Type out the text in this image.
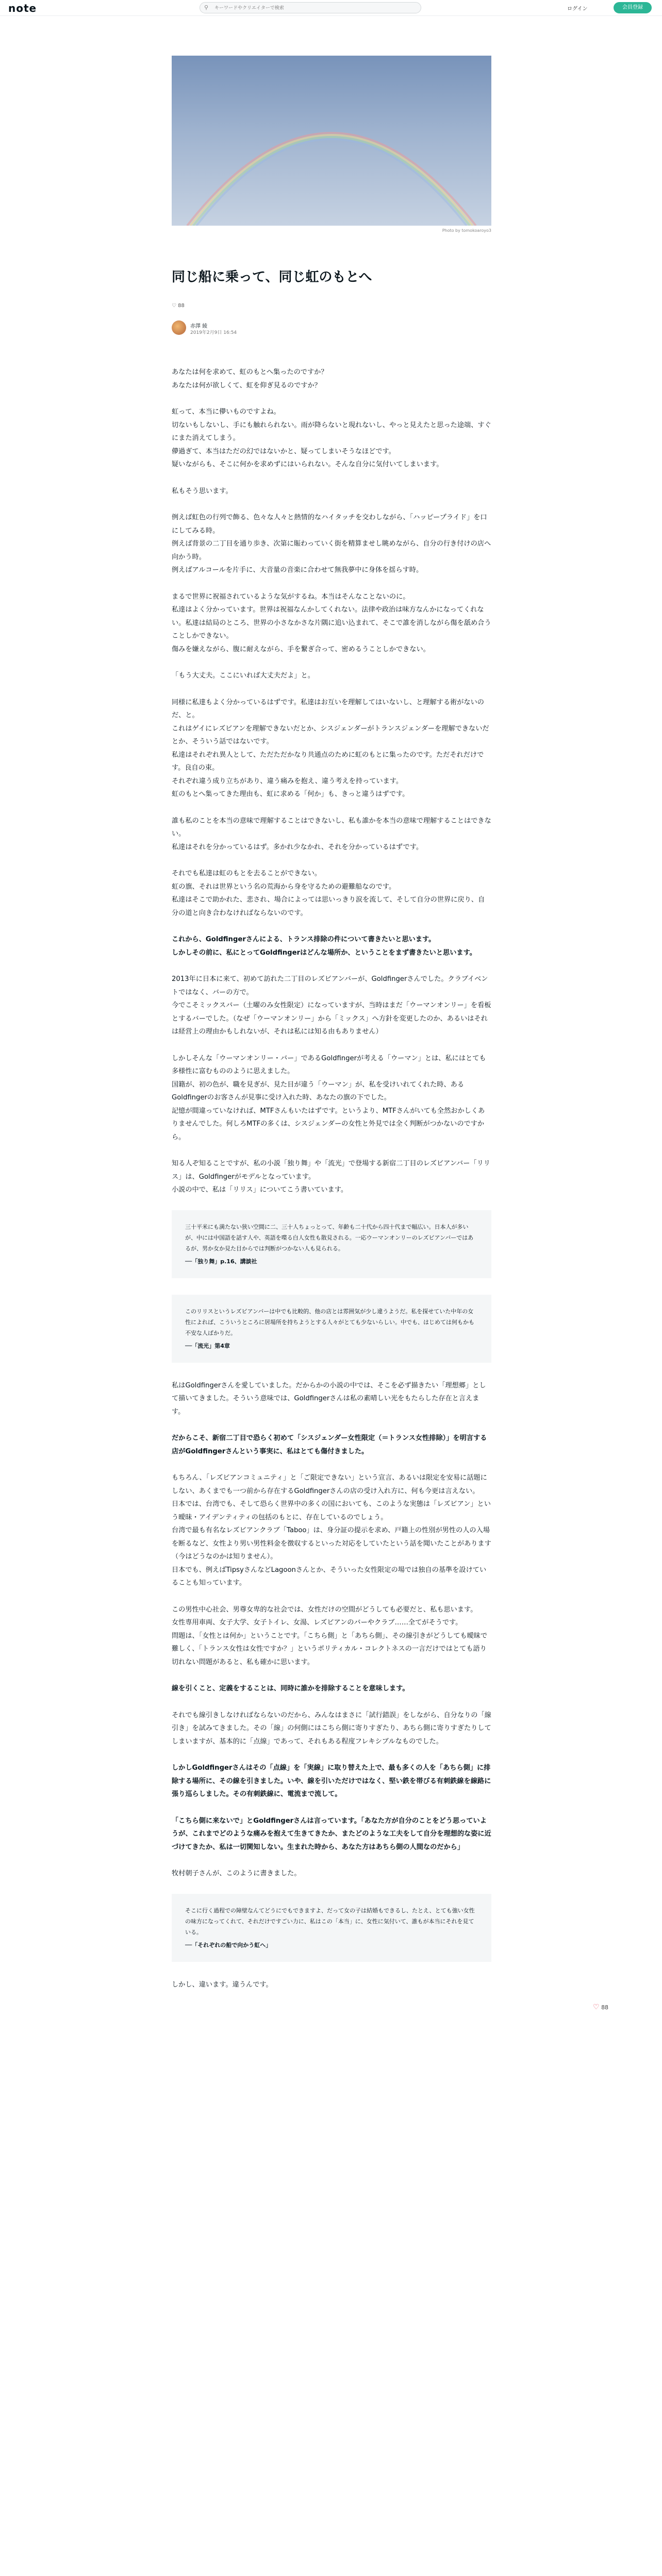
note	⚲
キーワードやクリエイターで検索	ログイン	会員登録
Photo by tomokoaroyo3
同じ船に乗って、同じ虹のもとへ
♡ 88
赤澤 綾
2019年2月9日 16:54

あなたは何を求めて、虹のもとへ集ったのですか？
あなたは何が欲しくて、虹を仰ぎ見るのですか？

虹って、本当に儚いものですよね。
切ないもしないし、手にも触れられない。雨が降らないと現れないし、やっと見えたと思った途端、すぐにまた消えてしまう。
儚過ぎて、本当はただの幻ではないかと、疑ってしまいそうなほどです。
疑いながらも、そこに何かを求めずにはいられない。そんな自分に気付いてしまいます。

私もそう思います。

例えば虹色の行列で飾る、色々な人々と熱情的なハイタッチを交わしながら、「ハッピープライド」を口にしてみる時。
例えば背景の二丁目を通り歩き、次第に賑わっていく街を精算ませし眺めながら、自分の行き付けの店へ向かう時。
例えばアルコールを片手に、大音量の音楽に合わせて無我夢中に身体を揺らす時。

まるで世界に祝福されているような気がするね。本当はそんなことないのに。
私達はよく分かっています。世界は祝福なんかしてくれない。法律や政治は味方なんかになってくれない。私達は結局のところ、世界の小さなかさな片隅に追い込まれて、そこで誰を消しながら傷を舐め合うことしかできない。
傷みを嫌えながら、腹に耐えながら、手を繋ぎ合って、密めるうことしかできない。

「もう大丈夫。ここにいれば大丈夫だよ」と。

同様に私達もよく分かっているはずです。私達はお互いを理解してはいないし、と理解する術がないのだ、と。
これはゲイにレズビアンを理解できないだとか、シスジェンダーがトランスジェンダーを理解できないだとか、そういう話ではないです。
私達はそれぞれ異人として、ただただかなり共通点のために虹のもとに集ったのです。ただそれだけです。良自の束。
それぞれ違う成り立ちがあり、違う痛みを抱え、違う考えを持っています。
虹のもとへ集ってきた理由も、虹に求める「何か」も、きっと違うはずです。

誰も私のことを本当の意味で理解することはできないし、私も誰かを本当の意味で理解することはできない。
私達はそれを分かっているはず。多かれ少なかれ、それを分かっているはずです。

それでも私達は虹のもとを去ることができない。
虹の旗、それは世界という名の荒海から身を守るための避難船なのです。
私達はそこで助かれた、悲され、場合によっては思いっきり涙を流して、そして自分の世界に戻り、自分の道と向き合わなければならないのです。

これから、Goldfingerさんによる、トランス排除の件について書きたいと思います。
しかしその前に、私にとってGoldfingerはどんな場所か、ということをまず書きたいと思います。

2013年に日本に来て、初めて訪れた二丁目のレズビアンバーが、Goldfingerさんでした。クラブイベントではなく、バーの方で。
今でこそミックスバー（土曜のみ女性限定）になっていますが、当時はまだ「ウーマンオンリー」を看板とするバーでした。（なぜ「ウーマンオンリー」から「ミックス」へ方針を変更したのか、あるいはそれは経営上の理由かもしれないが、それは私には知る由もありません）

しかしそんな「ウーマンオンリー・バー」であるGoldfingerが考える「ウーマン」とは、私にはとても多様性に富むもののように思えました。
国籍が、初の色が、職を見ぎが、見た目が違う「ウーマン」が、私を受けいれてくれた時、あるGoldfingerのお客さんが見事に受け入れた時、あなたの旗の下でした。
記憶が間違っていなければ、MTFさんもいたはずです。というより、MTFさんがいても全然おかしくありませんでした。何しろMTFの多くは、シスジェンダーの女性と外見では全く判断がつかないのですから。

知る人ぞ知ることですが、私の小説「独り舞」や「流光」で登場する新宿二丁目のレズビアンバー「リリス」は、Goldfingerがモデルとなっています。
小説の中で、私は「リリス」についてこう書いています。

三十平米にも満たない狭い空間に二、三十人ちょっとって、年齢も二十代から四十代まで幅広い。日本人が多いが、中には中国語を話す人や、英語を喋る白人女性も散見される。一応ウーマンオンリーのレズビアンバーではあるが、男か女か見た目からでは判断がつかない人も見られる。
──「独り舞」p.16、講談社
このリリスというレズビアンバーは中でも比較的、他の店とは雰囲気が少し違うようだ。私を探せていた中年の女性によれば、こういうところに居場所を持ちようとする人々がとても少ないらしい。中でも、はじめては何もかも不安な人ばかりだ。
──「流光」第4章

私はGoldfingerさんを愛していました。だからかの小説の中では、そこを必ず描きたい「理想郷」として描いてきました。そういう意味では、Goldfingerさんは私の素晴しい光をもたらした存在と言えます。

だからこそ、新宿二丁目で恐らく初めて「シスジェンダー女性限定（＝トランス女性排除）」を明言する店がGoldfingerさんという事実に、私はとても傷付きました。

もちろん、「レズビアンコミュニティ」と「ご限定できない」という宣言、あるいは限定を安易に話題にしない、あくまでも一つ前から存在するGoldfingerさんの店の受け入れ方に、何も今更は言えない。
日本では、台湾でも、そして恐らく世界中の多くの国においても、このような実態は「レズビアン」という曖昧・アイデンティティの包括のもとに、存在しているのでしょう。
台湾で最も有名なレズビアンクラブ「Taboo」は、身分証の提示を求め、戸籍上の性別が男性の人の入場を断るなど、女性より男い男性料金を徴収するといった対応をしていたという話を聞いたことがあります（今はどうなのかは知りません）。
日本でも、例えばTipsyさんなどLagoonさんとか、そういった女性限定の場では独自の基準を設けていることも知っています。

この男性中心社会、男尊女卑的な社会では、女性だけの空間がどうしても必要だと、私も思います。
女性専用車両、女子大学、女子トイレ、女湯、レズビアンのバーやクラブ……全てがそうです。
問題は、「女性とは何か」ということです。「こちら側」と「あちら側」、その線引きがどうしても曖昧で難しく、「トランス女性は女性ですか？」というポリティカル・コレクトネスの一言だけではとても語り切れない問題があると、私も確かに思います。

線を引くこと、定義をすることは、同時に誰かを排除することを意味します。

それでも線引きしなければならないのだから、みんなはまさに「試行錯誤」をしながら、自分なりの「線引き」を試みてきました。その「線」の何側にはこちら側に寄りすぎたり、あちら側に寄りすぎたりしてしまいますが、基本的に「点線」であって、それもある程度フレキシブルなものでした。

しかしGoldfingerさんはその「点線」を「実線」に取り替えた上で、最も多くの人を「あちら側」に排除する場所に、その線を引きました。いや、線を引いただけではなく、堅い鉄を帯びる有刺鉄線を線路に張り巡らしました。その有刺鉄線に、電流まで流して。

「こちら側に来ないで」とGoldfingerさんは言っています。「あなた方が自分のことをどう思っていようが、これまでどのような痛みを抱えて生きてきたか、またどのような工夫をして自分を理想的な姿に近づけてきたか、私は一切関知しない。生まれた時から、あなた方はあちら側の人間なのだから」

牧村朝子さんが、このように書きました。

そこに行く過程での障壁なんてどうにでもできますよ、だって女の子は結婚もできるし、たとえ、とても強い女性の味方になってくれて、それだけですごい力に、私はこの「本当」に、女性に気付いて、誰もが本当にそれを見ている。
──「それぞれの船で向かう虹へ」

しかし、違います。違うんです。

♡ 88
